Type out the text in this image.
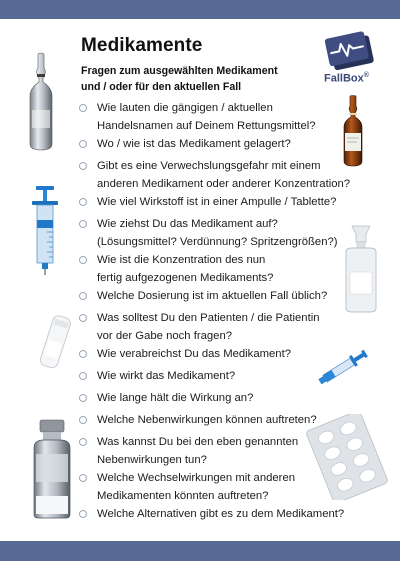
Medikamente
Fragen zum ausgewählten Medikament
und / oder für den aktuellen Fall
FallBox®
Wie lauten die gängigen / aktuellen
Handelsnamen auf Deinem Rettungsmittel?
Wo / wie ist das Medikament gelagert?
Gibt es eine Verwechslungsgefahr mit einem
anderen Medikament oder anderer Konzentration?
Wie viel Wirkstoff ist in einer Ampulle / Tablette?
Wie ziehst Du das Medikament auf?
(Lösungsmittel? Verdünnung? Spritzengrößen?)
Wie ist die Konzentration des nun
fertig aufgezogenen Medikaments?
Welche Dosierung ist im aktuellen Fall üblich?
Was solltest Du den Patienten / die Patientin
vor der Gabe noch fragen?
Wie verabreichst Du das Medikament?
Wie wirkt das Medikament?
Wie lange hält die Wirkung an?
Welche Nebenwirkungen können auftreten?
Was kannst Du bei den eben genannten
Nebenwirkungen tun?
Welche Wechselwirkungen mit anderen
Medikamenten könnten auftreten?
Welche Alternativen gibt es zu dem Medikament?
